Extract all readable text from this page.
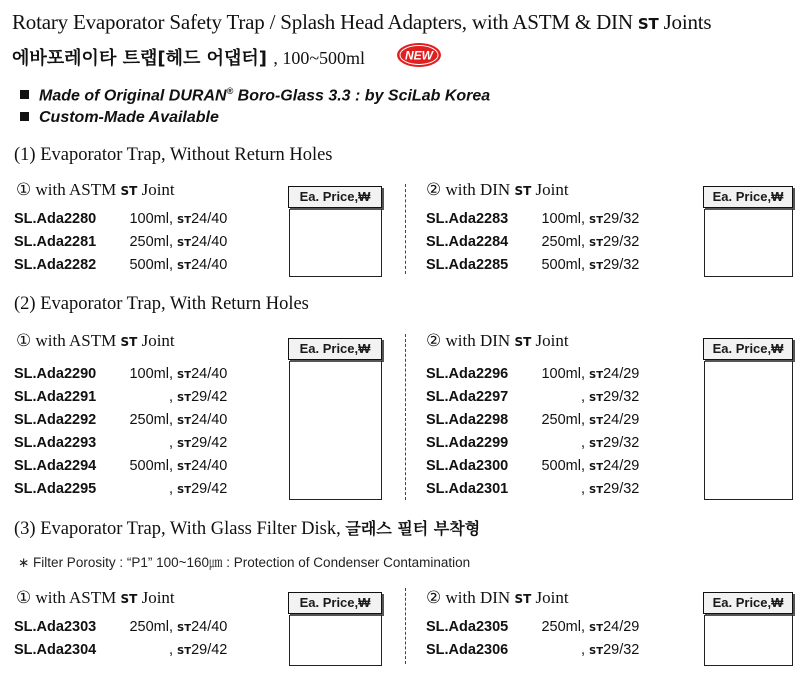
Rotary Evaporator Safety Trap / Splash Head Adapters, with ASTM & DIN ST Joints
에바포레이타 트랩[헤드 어댑터] , 100~500ml	NEW
Made of Original DURAN® Boro-Glass 3.3 : by SciLab Korea
Custom-Made Available
(1) Evaporator Trap, Without Return Holes
① with ASTM ST Joint	② with DIN ST Joint
Ea. Price,₩	Ea. Price,₩
SL.Ada2280 100ml, ST24/40
SL.Ada2281 250ml, ST24/40
SL.Ada2282 500ml, ST24/40
SL.Ada2283 100ml, ST29/32
SL.Ada2284 250ml, ST29/32
SL.Ada2285 500ml, ST29/32
(2) Evaporator Trap, With Return Holes
① with ASTM ST Joint	② with DIN ST Joint
Ea. Price,₩	Ea. Price,₩
SL.Ada2290 100ml, ST24/40
SL.Ada2291	, ST29/42
SL.Ada2292 250ml, ST24/40
SL.Ada2293	, ST29/42
SL.Ada2294 500ml, ST24/40
SL.Ada2295	, ST29/42
SL.Ada2296 100ml, ST24/29
SL.Ada2297	, ST29/32
SL.Ada2298 250ml, ST24/29
SL.Ada2299	, ST29/32
SL.Ada2300 500ml, ST24/29
SL.Ada2301	, ST29/32
(3) Evaporator Trap, With Glass Filter Disk, 글래스 필터 부착형
∗ Filter Porosity : “P1” 100~160㎛ : Protection of Condenser Contamination
① with ASTM ST Joint	② with DIN ST Joint
Ea. Price,₩	Ea. Price,₩
SL.Ada2303 250ml, ST24/40
SL.Ada2304	, ST29/42
SL.Ada2305 250ml, ST24/29
SL.Ada2306	, ST29/32
